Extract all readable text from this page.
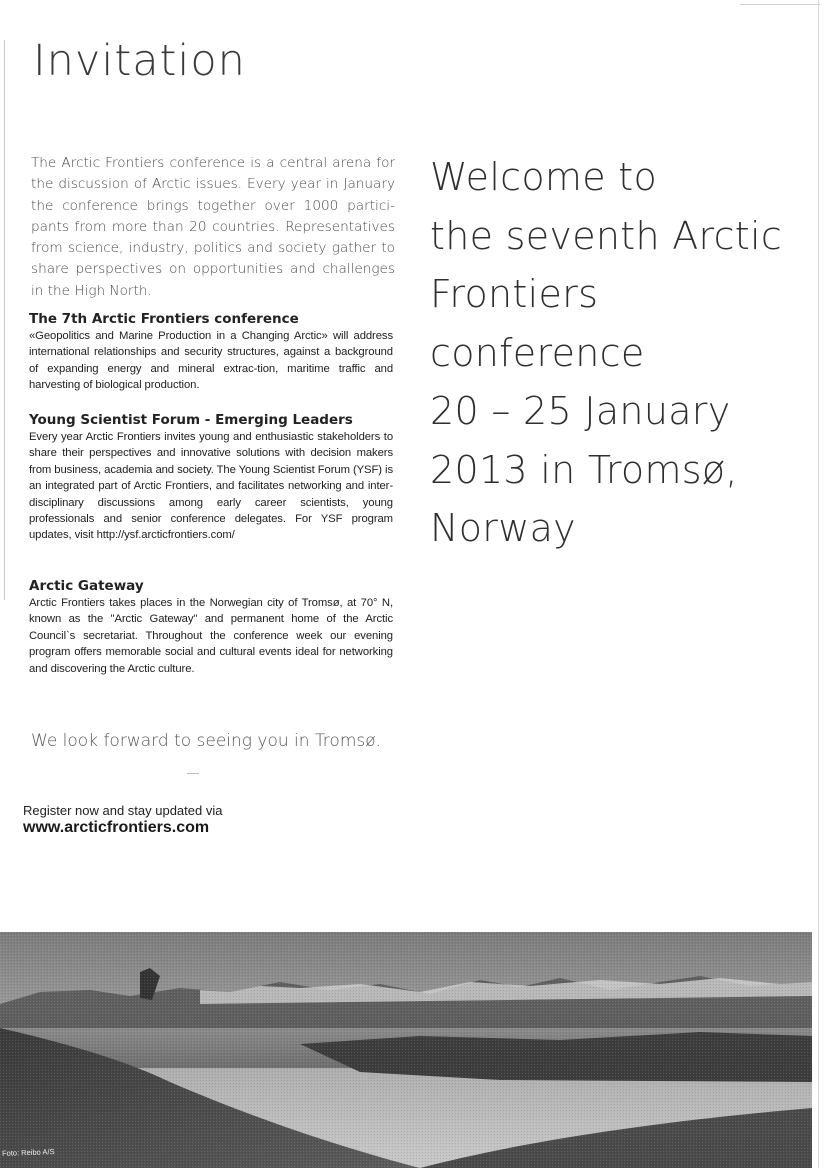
Invitation

The Arctic Frontiers conference is a central arena for the discussion of Arctic issues. Every year in January the conference brings together over 1000 partici-pants from more than 20 countries. Representatives from science, industry, politics and society gather to share perspectives on opportunities and challenges in the High North.

The 7th Arctic Frontiers conference

«Geopolitics and Marine Production in a Changing Arctic» will address international relationships and security structures, against a background of expanding energy and mineral extrac-tion, maritime traffic and harvesting of biological production.

Young Scientist Forum - Emerging Leaders

Every year Arctic Frontiers invites young and enthusiastic stakeholders to share their perspectives and innovative solutions with decision makers from business, academia and society. The Young Scientist Forum (YSF) is an integrated part of Arctic Frontiers, and facilitates networking and inter-disciplinary discussions among early career scientists, young professionals and senior conference delegates. For YSF program updates, visit http://ysf.arcticfrontiers.com/

Arctic Gateway

Arctic Frontiers takes places in the Norwegian city of Tromsø, at 70° N, known as the "Arctic Gateway" and permanent home of the Arctic Council`s secretariat. Throughout the conference week our evening program offers memorable social and cultural events ideal for networking and discovering the Arctic culture.

Welcome to
the seventh Arctic
Frontiers conference
20 – 25 January
2013 in Tromsø,
Norway

We look forward to seeing you in Tromsø.

Register now and stay updated via

www.arcticfrontiers.com

Foto: Reibo A/S
